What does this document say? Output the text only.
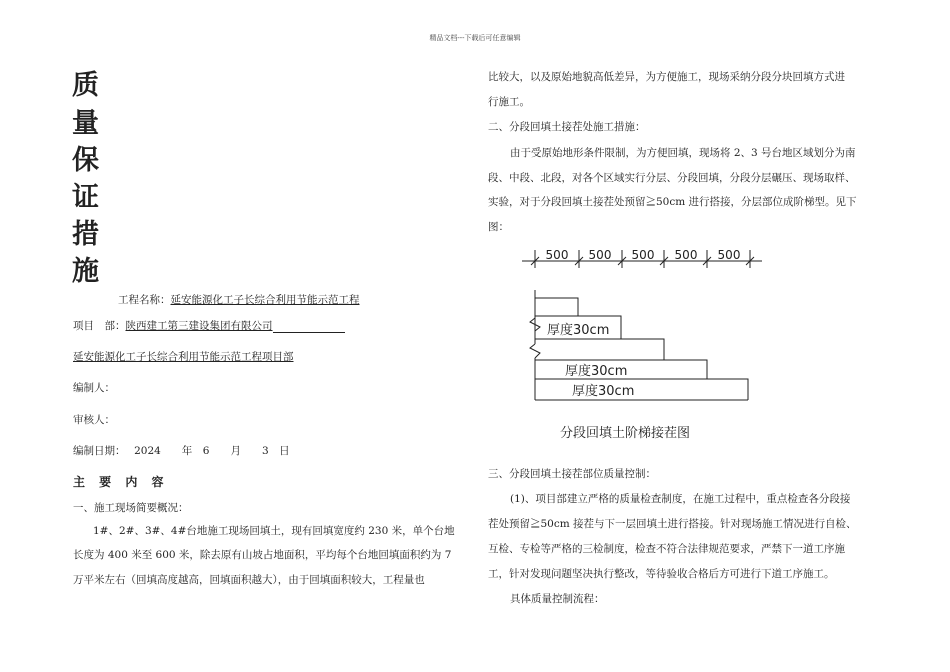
精品文档---下载后可任意编辑
质
量
保
证
措
施
工程名称：延安能源化工子长综合利用节能示范工程
项目　部：陕西建工第三建设集团有限公司
延安能源化工子长综合利用节能示范工程项目部
编制人：
审核人：
编制日期：　 2024　　年　6　　月　　3　日
主 要 内 容
一、施工现场简要概况：
1#、2#、3#、4#台地施工现场回填土，现有回填宽度约 230 米，单个台地
长度为 400 米至 600 米，除去原有山坡占地面积，平均每个台地回填面积约为 7
万平米左右（回填高度越高，回填面积越大），由于回填面积较大，工程量也
比较大，以及原始地貌高低差异，为方便施工，现场采纳分段分块回填方式进
行施工。
二、分段回填土接茬处施工措施：
由于受原始地形条件限制，为方便回填，现场将 2、3 号台地区域划分为南
段、中段、北段，对各个区域实行分层、分段回填，分段分层碾压、现场取样、
实验，对于分段回填土接茬处预留≧50cm 进行搭接，分层部位成阶梯型。见下
图：
500 500 500 500 500
厚度30cm
厚度30cm
厚度30cm
分段回填土阶梯接茬图
三、分段回填土接茬部位质量控制：
(1)、项目部建立严格的质量检查制度，在施工过程中，重点检查各分段接
茬处预留≧50cm 接茬与下一层回填土进行搭接。针对现场施工情况进行自检、
互检、专检等严格的三检制度，检查不符合法律规范要求，严禁下一道工序施
工，针对发现问题坚决执行整改，等待验收合格后方可进行下道工序施工。
具体质量控制流程：
